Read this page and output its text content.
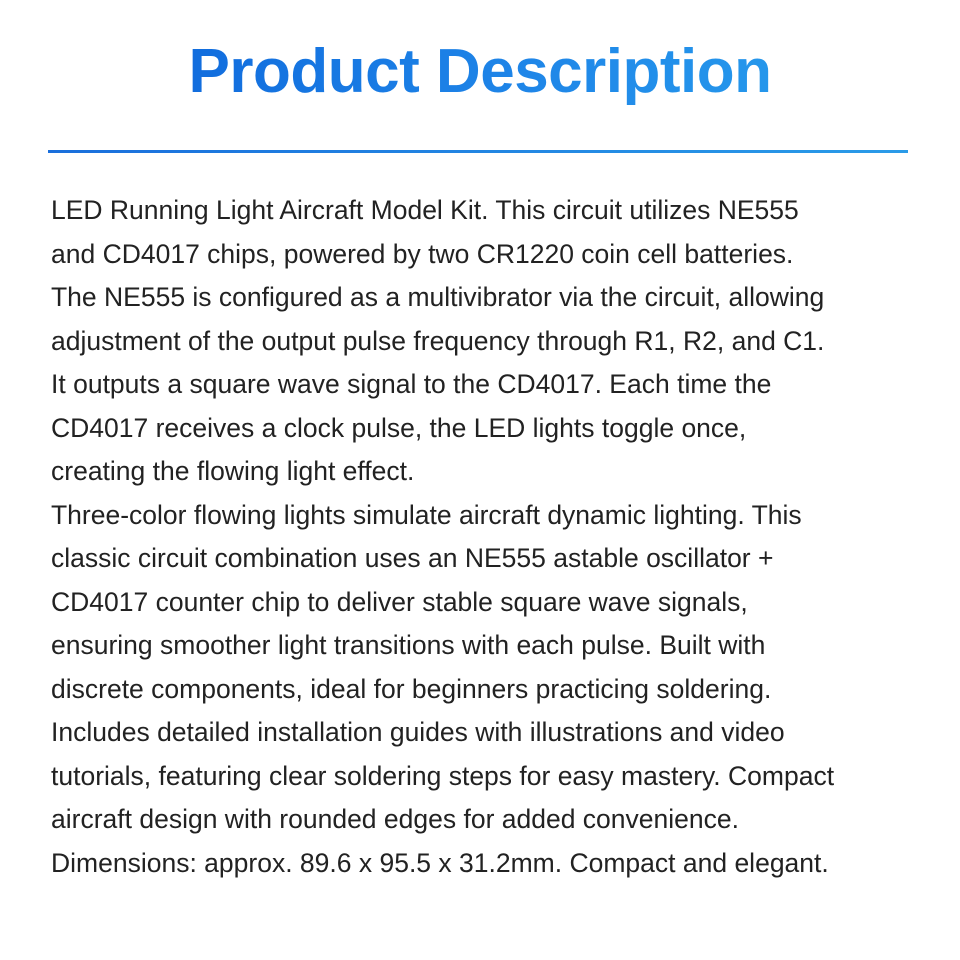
Product Description
LED Running Light Aircraft Model Kit. This circuit utilizes NE555
and CD4017 chips, powered by two CR1220 coin cell batteries.
The NE555 is configured as a multivibrator via the circuit, allowing
adjustment of the output pulse frequency through R1, R2, and C1.
It outputs a square wave signal to the CD4017. Each time the
CD4017 receives a clock pulse, the LED lights toggle once,
creating the flowing light effect.
Three-color flowing lights simulate aircraft dynamic lighting. This
classic circuit combination uses an NE555 astable oscillator +
CD4017 counter chip to deliver stable square wave signals,
ensuring smoother light transitions with each pulse. Built with
discrete components, ideal for beginners practicing soldering.
Includes detailed installation guides with illustrations and video
tutorials, featuring clear soldering steps for easy mastery. Compact
aircraft design with rounded edges for added convenience.
Dimensions: approx. 89.6 x 95.5 x 31.2mm. Compact and elegant.
